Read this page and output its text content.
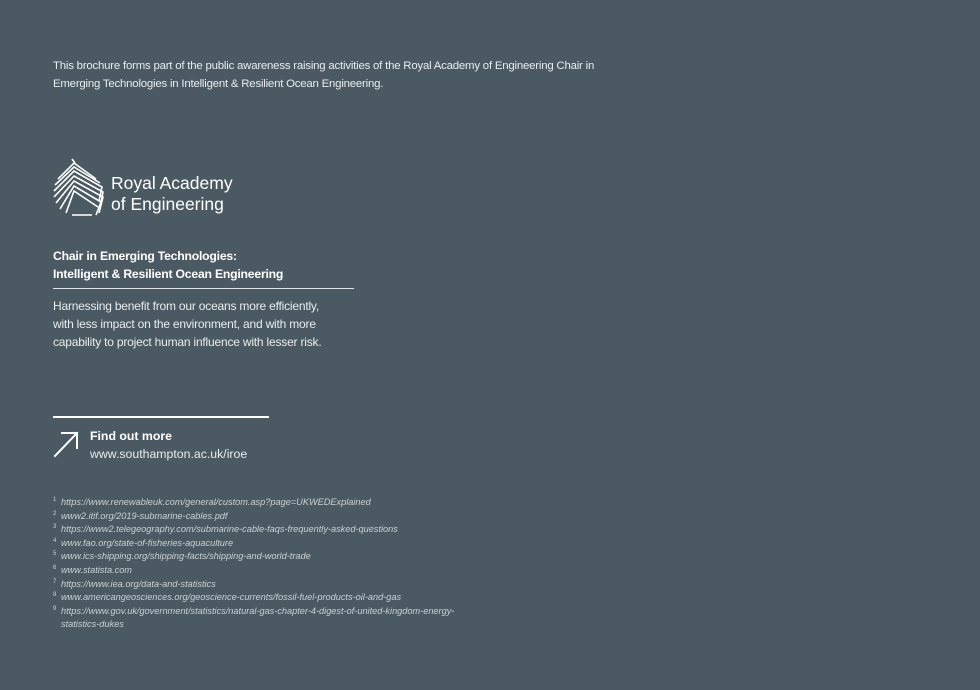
This brochure forms part of the public awareness raising activities of the Royal Academy of Engineering Chair in Emerging Technologies in Intelligent & Resilient Ocean Engineering.
Royal Academy
of Engineering
Chair in Emerging Technologies:
Intelligent & Resilient Ocean Engineering
Harnessing benefit from our oceans more efficiently,
with less impact on the environment, and with more
capability to project human influence with lesser risk.
Find out more
www.southampton.ac.uk/iroe
1 https://www.renewableuk.com/general/custom.asp?page=UKWEDExplained
2 www2.itif.org/2019-submarine-cables.pdf
3 https://www2.telegeography.com/submarine-cable-faqs-frequently-asked-questions
4 www.fao.org/state-of-fisheries-aquaculture
5 www.ics-shipping.org/shipping-facts/shipping-and-world-trade
6 www.statista.com
7 https://www.iea.org/data-and-statistics
8 www.americangeosciences.org/geoscience-currents/fossil-fuel-products-oil-and-gas
9 https://www.gov.uk/government/statistics/natural-gas-chapter-4-digest-of-united-kingdom-energy-statistics-dukes
